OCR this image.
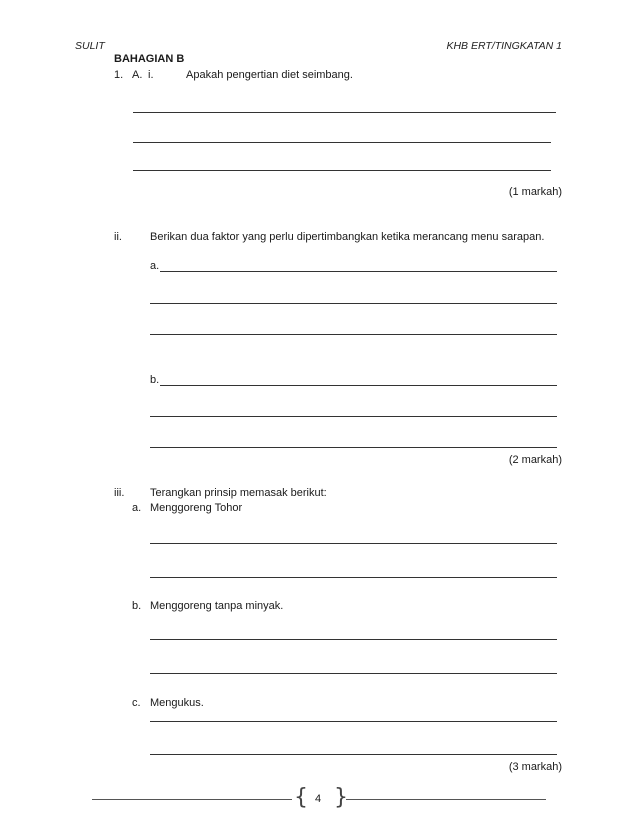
SULIT	KHB ERT/TINGKATAN 1
BAHAGIAN B
1. A. i.	Apakah pengertian diet seimbang.
(1 markah)
ii.	Berikan dua faktor yang perlu dipertimbangkan ketika merancang menu sarapan.
a.
b.
(2 markah)
iii. Terangkan prinsip memasak berikut:
a. Menggoreng Tohor
b. Menggoreng tanpa minyak.
c. Mengukus.
(3 markah)
{ 4 }
